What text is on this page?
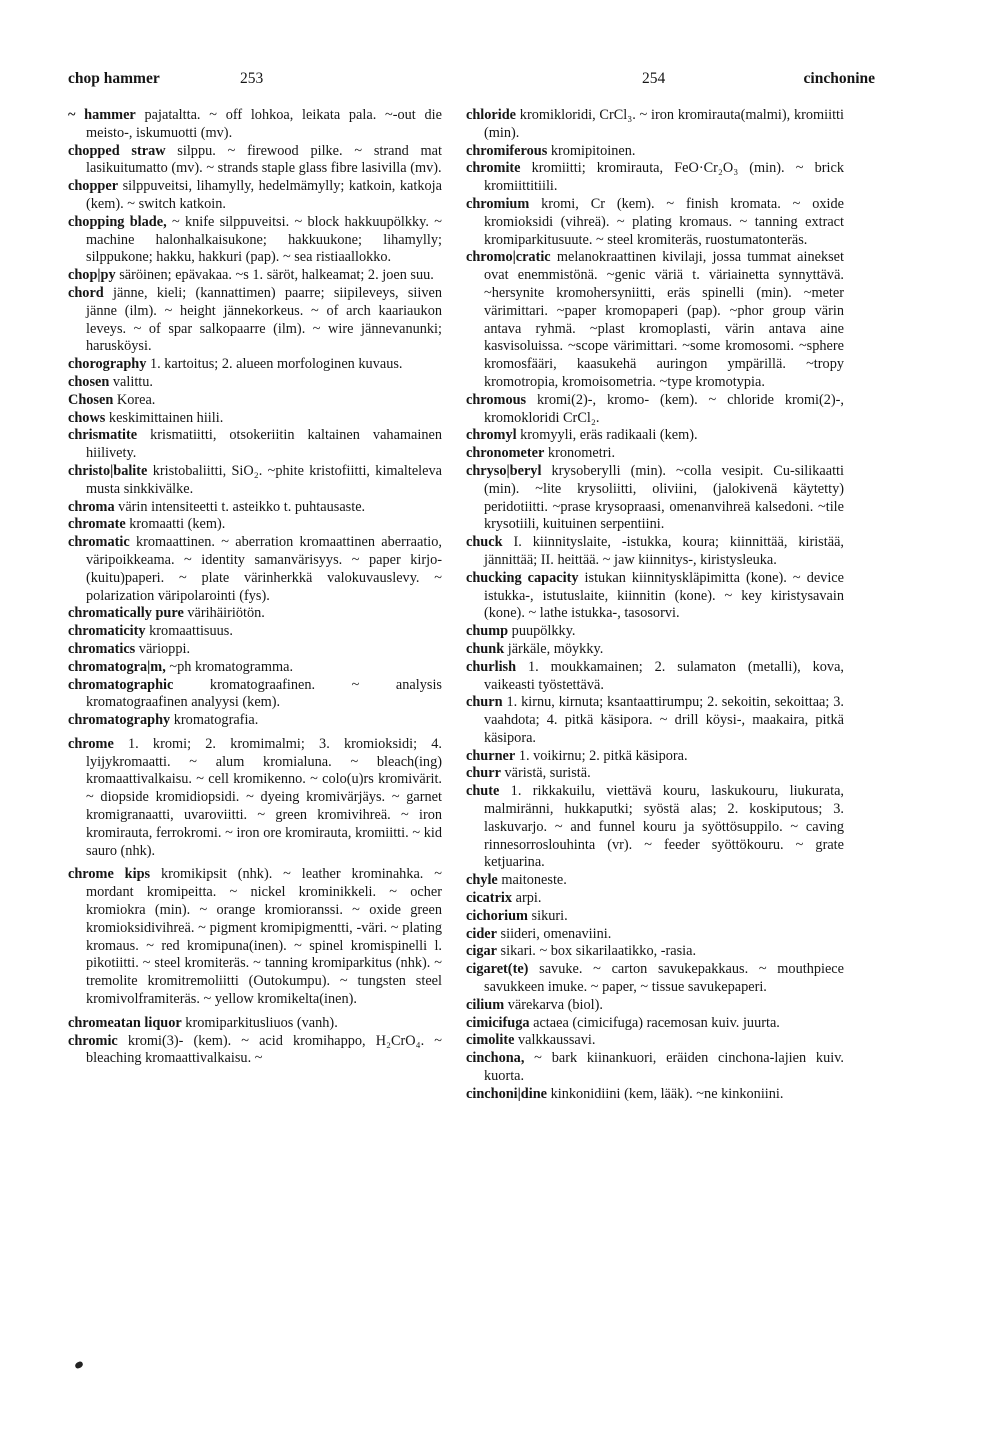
chop hammer	253	254	cinchonine

~ hammer pajataltta. ~ off lohkoa, leikata pala. ~-out die meisto-, iskumuotti (mv).

chopped straw silppu. ~ firewood pilke. ~ strand mat lasikuitumatto (mv). ~ strands staple glass fibre lasivilla (mv).

chopper silppuveitsi, lihamylly, hedelmämylly; katkoin, katkoja (kem). ~ switch katkoin.

chopping blade, ~ knife silppuveitsi. ~ block hakkuupölkky. ~ machine halonhalkaisukone; hakkuukone; lihamylly; silppukone; hakku, hakkuri (pap). ~ sea ristiaallokko.

chop|py säröinen; epävakaa. ~s 1. säröt, halkeamat; 2. joen suu.

chord jänne, kieli; (kannattimen) paarre; siipileveys, siiven jänne (ilm). ~ height jännekorkeus. ~ of arch kaariaukon leveys. ~ of spar salkopaarre (ilm). ~ wire jännevanunki; harusköysi.

chorography 1. kartoitus; 2. alueen morfologinen kuvaus.

chosen valittu.

Chosen Korea.

chows keskimittainen hiili.

chrismatite krismatiitti, otsokeriitin kaltainen vahamainen hiilivety.

christo|balite kristobaliitti, SiO₂. ~phite kristofiitti, kimalteleva musta sinkkivälke.

chroma värin intensiteetti t. asteikko t. puhtausaste.

chromate kromaatti (kem).

chromatic kromaattinen. ~ aberration kromaattinen aberraatio, väripoikkeama. ~ identity samanvärisyys. ~ paper kirjo-(kuitu)paperi. ~ plate värinherkkä valokuvauslevy. ~ polarization väripolarointi (fys).

chromatically pure värihäiriötön.

chromaticity kromaattisuus.

chromatics värioppi.

chromatogra|m, ~ph kromatogramma.

chromatographic kromatograafinen. ~ analysis kromatograafinen analyysi (kem).

chromatography kromatografia.

chrome 1. kromi; 2. kromimalmi; 3. kromioksidi; 4. lyijykromaatti. ~ alum kromialuna. ~ bleach(ing) kromaattivalkaisu. ~ cell kromikenno. ~ colo(u)rs kromivärit. ~ diopside kromidiopsidi. ~ dyeing kromivärjäys. ~ garnet kromigranaatti, uvaroviitti. ~ green kromivihreä. ~ iron kromirauta, ferrokromi. ~ iron ore kromirauta, kromiitti. ~ kid sauro (nhk).

chrome kips kromikipsit (nhk). ~ leather krominahka. ~ mordant kromipeitta. ~ nickel krominikkeli. ~ ocher kromiokra (min). ~ orange kromioranssi. ~ oxide green kromioksidivihreä. ~ pigment kromipigmentti, -väri. ~ plating kromaus. ~ red kromipuna(inen). ~ spinel kromispinelli l. pikotiitti. ~ steel kromiteräs. ~ tanning kromiparkitus (nhk). ~ tremolite kromitremoliitti (Outokumpu). ~ tungsten steel kromivolframiteräs. ~ yellow kromikelta(inen).

chromeatan liquor kromiparkitusliuos (vanh).

chromic kromi(3)- (kem). ~ acid kromihappo, H₂CrO₄. ~ bleaching kromaattivalkaisu. ~

chloride kromikloridi, CrCl₃. ~ iron kromirauta(malmi), kromiitti (min).

chromiferous kromipitoinen.

chromite kromiitti; kromirauta, FeO·Cr₂O₃ (min). ~ brick kromiittitiili.

chromium kromi, Cr (kem). ~ finish kromata. ~ oxide kromioksidi (vihreä). ~ plating kromaus. ~ tanning extract kromiparkitusuute. ~ steel kromiteräs, ruostumatonteräs.

chromo|cratic melanokraattinen kivilaji, jossa tummat ainekset ovat enemmistönä. ~genic väriä t. väriainetta synnyttävä. ~hersynite kromohersyniitti, eräs spinelli (min). ~meter värimittari. ~paper kromopaperi (pap). ~phor group värin antava ryhmä. ~plast kromoplasti, värin antava aine kasvisoluissa. ~scope värimittari. ~some kromosomi. ~sphere kromosfääri, kaasukehä auringon ympärillä. ~tropy kromotropia, kromoisometria. ~type kromotypia.

chromous kromi(2)-, kromo- (kem). ~ chloride kromi(2)-, kromokloridi CrCl₂.

chromyl kromyyli, eräs radikaali (kem).

chronometer kronometri.

chryso|beryl krysoberylli (min). ~colla vesipit. Cu-silikaatti (min). ~lite krysoliitti, oliviini, (jalokivenä käytetty) peridotiitti. ~prase krysopraasi, omenanvihreä kalsedoni. ~tile krysotiili, kuituinen serpentiini.

chuck I. kiinnityslaite, -istukka, koura; kiinnittää, kiristää, jännittää; II. heittää. ~ jaw kiinnitys-, kiristysleuka.

chucking capacity istukan kiinnityskläpimitta (kone). ~ device istukka-, istutuslaite, kiinnitin (kone). ~ key kiristysavain (kone). ~ lathe istukka-, tasosorvi.

chump puupölkky.

chunk järkäle, möykky.

churlish 1. moukkamainen; 2. sulamaton (metalli), kova, vaikeasti työstettävä.

churn 1. kirnu, kirnuta; ksantaattirumpu; 2. sekoitin, sekoittaa; 3. vaahdota; 4. pitkä käsipora. ~ drill köysi-, maakaira, pitkä käsipora.

churner 1. voikirnu; 2. pitkä käsipora.

churr väristä, suristä.

chute 1. rikkakuilu, viettävä kouru, laskukouru, liukurata, malmiränni, hukkaputki; syöstä alas; 2. koskiputous; 3. laskuvarjo. ~ and funnel kouru ja syöttösuppilo. ~ caving rinnesorroslouhinta (vr). ~ feeder syöttökouru. ~ grate ketjuarina.

chyle maitoneste.

cicatrix arpi.

cichorium sikuri.

cider siideri, omenaviini.

cigar sikari. ~ box sikarilaatikko, -rasia.

cigaret(te) savuke. ~ carton savukepakkaus. ~ mouthpiece savukkeen imuke. ~ paper, ~ tissue savukepaperi.

cilium värekarva (biol).

cimicifuga actaea (cimicifuga) racemosan kuiv. juurta.

cimolite valkkaussavi.

cinchona, ~ bark kiinankuori, eräiden cinchona-lajien kuiv. kuorta.

cinchoni|dine kinkonidiini (kem, lääk). ~ne kinkoniini.
